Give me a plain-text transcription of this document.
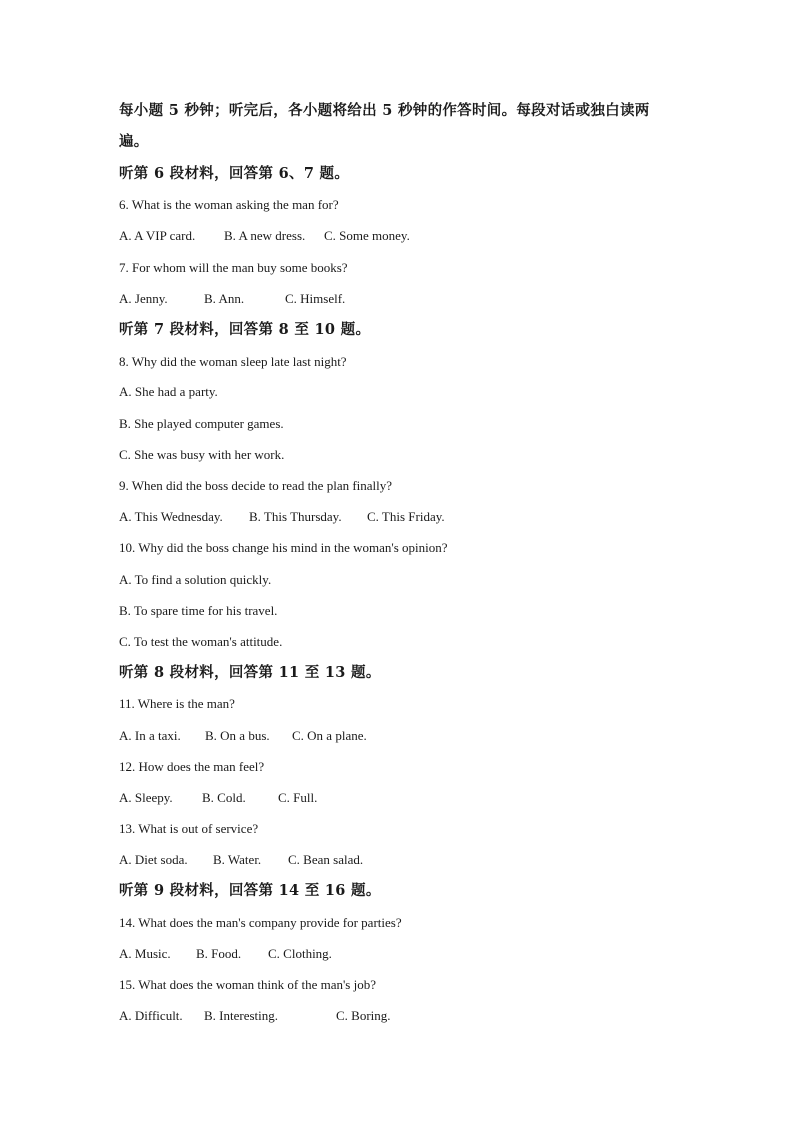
每小题 5 秒钟；听完后，各小题将给出 5 秒钟的作答时间。每段对话或独白读两
遍。
听第 6 段材料，回答第 6、7 题。
6. What is the woman asking the man for?
A. A VIP card. B. A new dress. C. Some money.
7. For whom will the man buy some books?
A. Jenny.	B. Ann.	C. Himself.
听第 7 段材料，回答第 8 至 10 题。
8. Why did the woman sleep late last night?
A. She had a party.
B. She played computer games.
C. She was busy with her work.
9. When did the boss decide to read the plan finally?
A. This Wednesday. B. This Thursday. C. This Friday.
10. Why did the boss change his mind in the woman's opinion?
A. To find a solution quickly.
B. To spare time for his travel.
C. To test the woman's attitude.
听第 8 段材料，回答第 11 至 13 题。
11. Where is the man?
A. In a taxi. B. On a bus. C. On a plane.
12. How does the man feel?
A. Sleepy. B. Cold. C. Full.
13. What is out of service?
A. Diet soda. B. Water. C. Bean salad.
听第 9 段材料，回答第 14 至 16 题。
14. What does the man's company provide for parties?
A. Music. B. Food. C. Clothing.
15. What does the woman think of the man's job?
A. Difficult. B. Interesting.	C. Boring.
